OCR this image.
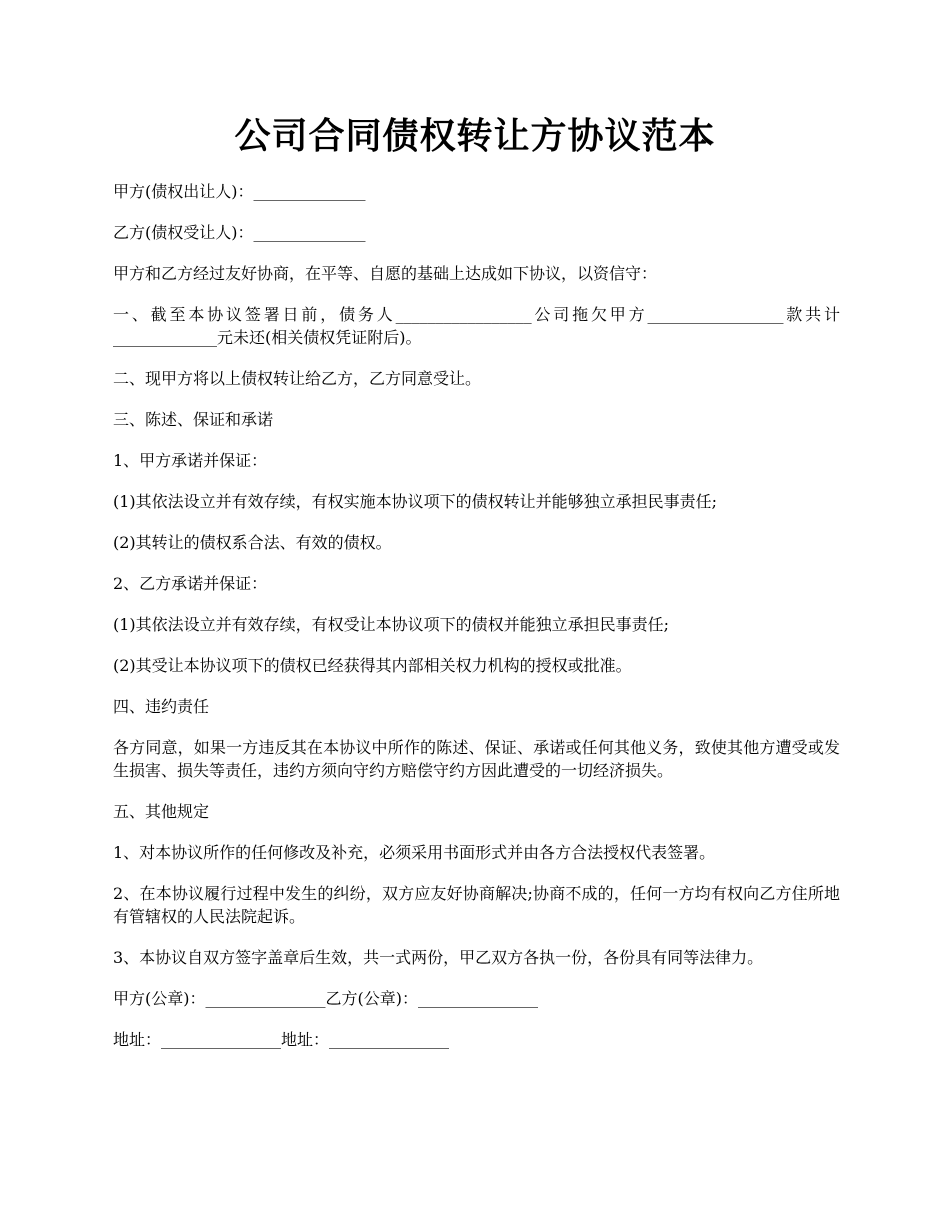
公司合同债权转让方协议范本

甲方(债权出让人)：______________

乙方(债权受让人)：______________

甲方和乙方经过友好协商，在平等、自愿的基础上达成如下协议，以资信守：

一、截至本协议签署日前，债务人_________________公司拖欠甲方_________________款共计_____________元未还(相关债权凭证附后)。

二、现甲方将以上债权转让给乙方，乙方同意受让。

三、陈述、保证和承诺

1、甲方承诺并保证：

(1)其依法设立并有效存续，有权实施本协议项下的债权转让并能够独立承担民事责任;

(2)其转让的债权系合法、有效的债权。

2、乙方承诺并保证：

(1)其依法设立并有效存续，有权受让本协议项下的债权并能独立承担民事责任;

(2)其受让本协议项下的债权已经获得其内部相关权力机构的授权或批准。

四、违约责任

各方同意，如果一方违反其在本协议中所作的陈述、保证、承诺或任何其他义务，致使其他方遭受或发生损害、损失等责任，违约方须向守约方赔偿守约方因此遭受的一切经济损失。

五、其他规定

1、对本协议所作的任何修改及补充，必须采用书面形式并由各方合法授权代表签署。

2、在本协议履行过程中发生的纠纷，双方应友好协商解决;协商不成的，任何一方均有权向乙方住所地有管辖权的人民法院起诉。

3、本协议自双方签字盖章后生效，共一式两份，甲乙双方各执一份，各份具有同等法律力。

甲方(公章)：_______________乙方(公章)：_______________

地址：_______________地址：_______________
